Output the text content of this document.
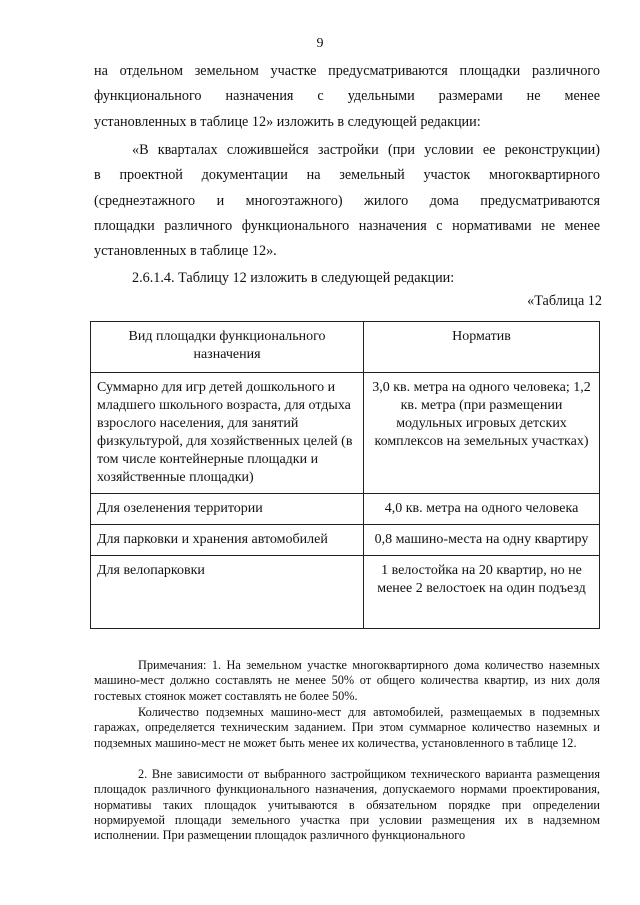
9
на отдельном земельном участке предусматриваются площадки различного
функционального назначения с удельными размерами не менее
установленных в таблице 12» изложить в следующей редакции:
«В кварталах сложившейся застройки (при условии ее реконструкции)
в проектной документации на земельный участок многоквартирного
(среднеэтажного и многоэтажного) жилого дома предусматриваются
площадки различного функционального назначения с нормативами не менее
установленных в таблице 12».
2.6.1.4. Таблицу 12 изложить в следующей редакции:
«Таблица 12
Вид площадки функционального назначения	Норматив
Суммарно для игр детей дошкольного и младшего школьного возраста, для отдыха взрослого населения, для занятий физкультурой, для хозяйственных целей (в том числе контейнерные площадки и хозяйственные площадки)	3,0 кв. метра на одного человека; 1,2 кв. метра (при размещении модульных игровых детских комплексов на земельных участках)
Для озеленения территории	4,0 кв. метра на одного человека
Для парковки и хранения автомобилей	0,8 машино-места на одну квартиру
Для велопарковки	1 велостойка на 20 квартир, но не менее 2 велостоек на один подъезд

Примечания: 1. На земельном участке многоквартирного дома количество наземных машино-мест должно составлять не менее 50% от общего количества квартир, из них доля гостевых стоянок может составлять не более 50%.

Количество подземных машино-мест для автомобилей, размещаемых в подземных гаражах, определяется техническим заданием. При этом суммарное количество наземных и подземных машино-мест не может быть менее их количества, установленного в таблице 12.

2. Вне зависимости от выбранного застройщиком технического варианта размещения площадок различного функционального назначения, допускаемого нормами проектирования, нормативы таких площадок учитываются в обязательном порядке при определении нормируемой площади земельного участка при условии размещения их в надземном исполнении. При размещении площадок различного функционального
